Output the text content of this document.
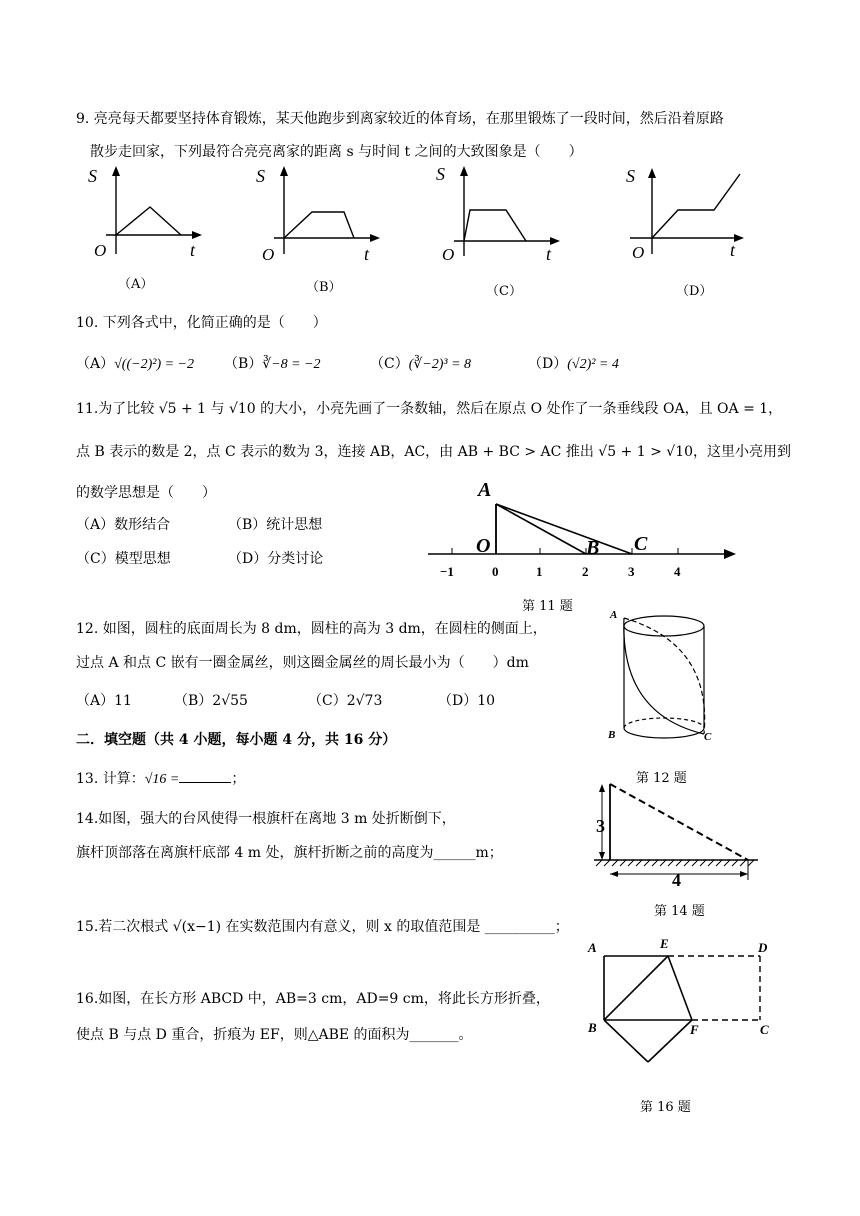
9. 亮亮每天都要坚持体育锻炼，某天他跑步到离家较近的体育场，在那里锻炼了一段时间，然后沿着原路
散步走回家，下列最符合亮亮离家的距离 s 与时间 t 之间的大致图象是（　　）
S
O	t
（A）
S
O	t
（B）
S
O	t
（C）
S
O	t
（D）
10. 下列各式中，化简正确的是（　　）
（A）√((−2)²) = −2 （B）∛−8 = −2	（C）(∛−2)³ = 8	（D）(√2)² = 4
11.为了比较 √5 + 1 与 √10 的大小，小亮先画了一条数轴，然后在原点 O 处作了一条垂线段 OA，且 OA = 1，
点 B 表示的数是 2，点 C 表示的数为 3，连接 AB，AC，由 AB + BC > AC 推出 √5 + 1 > √10，这里小亮用到
的数学思想是（　　）
（A）数形结合	（B）统计思想
（C）模型思想	（D）分类讨论
A
O	B C
−1	0	1	2	3	4
第 11 题
12. 如图，圆柱的底面周长为 8 dm，圆柱的高为 3 dm，在圆柱的侧面上，
过点 A 和点 C 嵌有一圈金属丝，则这圈金属丝的周长最小为（　　）dm
（A）11	（B）2√55	（C）2√73	（D）10
A
B	C
第 12 题
二．填空题（共 4 小题，每小题 4 分，共 16 分）
13. 计算：√16 =	；
14.如图，强大的台风使得一根旗杆在离地 3 m 处折断倒下，
旗杆顶部落在离旗杆底部 4 m 处，旗杆折断之前的高度为______m；
3
4
第 14 题
15.若二次根式 √(x−1) 在实数范围内有意义，则 x 的取值范围是 __________；
16.如图，在长方形 ABCD 中，AB=3 cm，AD=9 cm，将此长方形折叠，
使点 B 与点 D 重合，折痕为 EF，则△ABE 的面积为_______。
A	E	D
B	F	C
第 16 题
